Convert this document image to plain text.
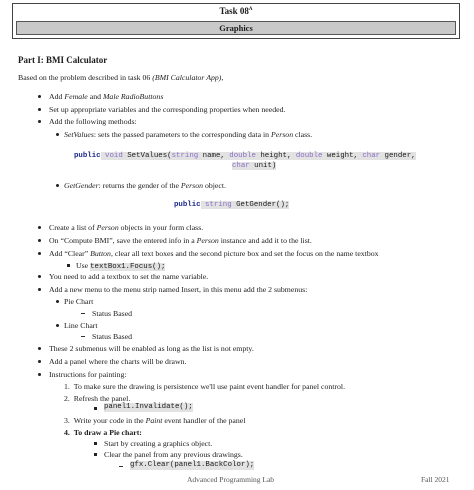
Task $08^A$
Graphics
Part I: BMI Calculator
Based on the problem described in task 06 (BMI Calculator App),
Add Female and Male RadioButtons
Set up appropriate variables and the corresponding properties when needed.
Add the following methods:
SetValues: sets the passed parameters to the corresponding data in Person class.
public void SetValues(string name, double height, double weight, char gender,
char unit)
GetGender: returns the gender of the Person object.
public string GetGender();
Create a list of Person objects in your form class.
On “Compute BMI”, save the entered info in a Person instance and add it to the list.
Add “Clear” Button, clear all text boxes and the second picture box and set the focus on the name textbox
Use textBox1.Focus();
You need to add a textbox to set the name variable.
Add a new menu to the menu strip named Insert, in this menu add the 2 submenus:
Pie Chart
Status Based
Line Chart
Status Based
These 2 submenus will be enabled as long as the list is not empty.
Add a panel where the charts will be drawn.
Instructions for painting:
1. To make sure the drawing is persistence we'll use paint event handler for panel control.
2. Refresh the panel.
panel1.Invalidate();
3. Write your code in the Paint event handler of the panel
4. To draw a Pie chart:
Start by creating a graphics object.
Clear the panel from any previous drawings.
gfx.Clear(panel1.BackColor);
Advanced Programming Lab	Fall 2021
